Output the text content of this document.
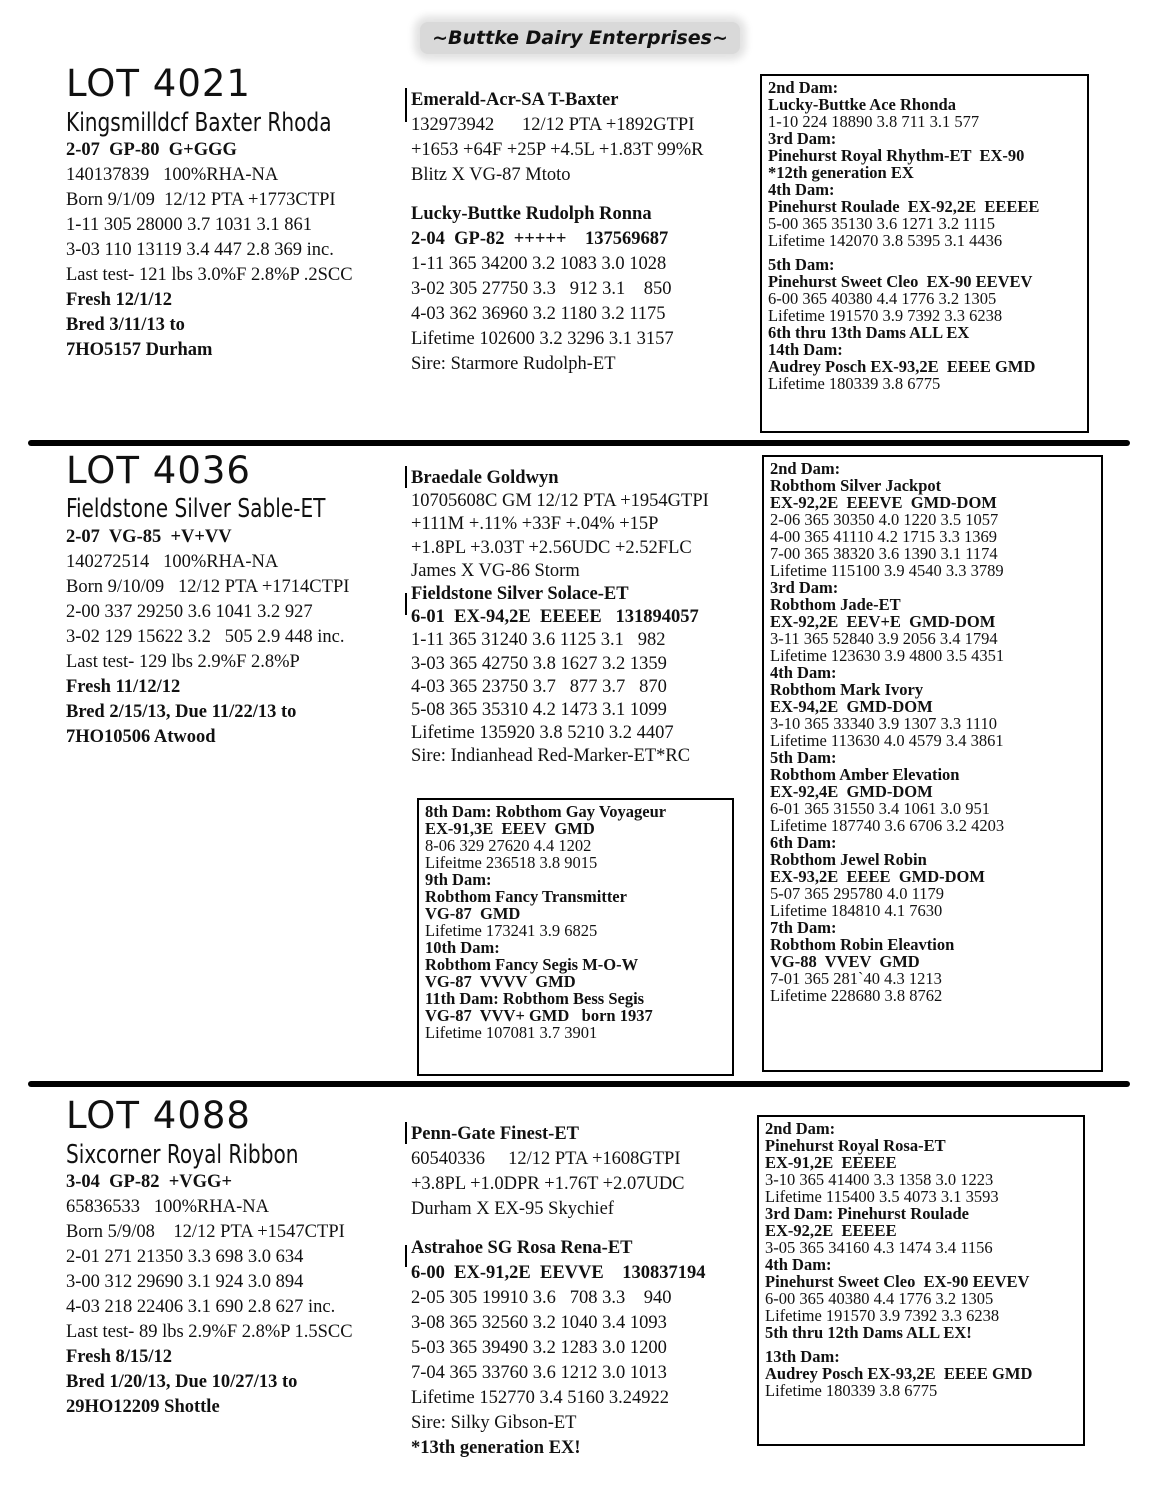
~Buttke Dairy Enterprises~
LOT 4021
Kingsmilldcf Baxter Rhoda
2-07  GP-80  G+GGG
140137839   100%RHA-NA
Born 9/1/09  12/12 PTA +1773CTPI
1-11 305 28000 3.7 1031 3.1 861
3-03 110 13119 3.4 447 2.8 369 inc.
Last test- 121 lbs 3.0%F 2.8%P .2SCC
Fresh 12/1/12
Bred 3/11/13 to
7HO5157 Durham
Emerald-Acr-SA T-Baxter
132973942      12/12 PTA +1892GTPI
+1653 +64F +25P +4.5L +1.83T 99%R
Blitz X VG-87 Mtoto
Lucky-Buttke Rudolph Ronna
2-04  GP-82  +++++    137569687
1-11 365 34200 3.2 1083 3.0 1028
3-02 305 27750 3.3   912 3.1    850
4-03 362 36960 3.2 1180 3.2 1175
Lifetime 102600 3.2 3296 3.1 3157
Sire: Starmore Rudolph-ET
2nd Dam:
Lucky-Buttke Ace Rhonda
1-10 224 18890 3.8 711 3.1 577
3rd Dam:
Pinehurst Royal Rhythm-ET  EX-90
*12th generation EX
4th Dam:
Pinehurst Roulade  EX-92,2E  EEEEE
5-00 365 35130 3.6 1271 3.2 1115
Lifetime 142070 3.8 5395 3.1 4436
5th Dam:
Pinehurst Sweet Cleo  EX-90 EEVEV
6-00 365 40380 4.4 1776 3.2 1305
Lifetime 191570 3.9 7392 3.3 6238
6th thru 13th Dams ALL EX
14th Dam:
Audrey Posch EX-93,2E  EEEE GMD
Lifetime 180339 3.8 6775
LOT 4036
Fieldstone Silver Sable-ET
2-07  VG-85  +V+VV
140272514   100%RHA-NA
Born 9/10/09   12/12 PTA +1714CTPI
2-00 337 29250 3.6 1041 3.2 927
3-02 129 15622 3.2   505 2.9 448 inc.
Last test- 129 lbs 2.9%F 2.8%P
Fresh 11/12/12
Bred 2/15/13, Due 11/22/13 to
7HO10506 Atwood
Braedale Goldwyn
10705608C GM 12/12 PTA +1954GTPI
+111M +.11% +33F +.04% +15P
+1.8PL +3.03T +2.56UDC +2.52FLC
James X VG-86 Storm
Fieldstone Silver Solace-ET
6-01  EX-94,2E  EEEEE   131894057
1-11 365 31240 3.6 1125 3.1   982
3-03 365 42750 3.8 1627 3.2 1359
4-03 365 23750 3.7   877 3.7   870
5-08 365 35310 4.2 1473 3.1 1099
Lifetime 135920 3.8 5210 3.2 4407
Sire: Indianhead Red-Marker-ET*RC
8th Dam: Robthom Gay Voyageur
EX-91,3E  EEEV  GMD
8-06 329 27620 4.4 1202
Lifeitme 236518 3.8 9015
9th Dam:
Robthom Fancy Transmitter
VG-87  GMD
Lifetime 173241 3.9 6825
10th Dam:
Robthom Fancy Segis M-O-W
VG-87  VVVV  GMD
11th Dam: Robthom Bess Segis
VG-87  VVV+ GMD   born 1937
Lifetime 107081 3.7 3901
2nd Dam:
Robthom Silver Jackpot
EX-92,2E  EEEVE  GMD-DOM
2-06 365 30350 4.0 1220 3.5 1057
4-00 365 41110 4.2 1715 3.3 1369
7-00 365 38320 3.6 1390 3.1 1174
Lifetime 115100 3.9 4540 3.3 3789
3rd Dam:
Robthom Jade-ET
EX-92,2E  EEV+E  GMD-DOM
3-11 365 52840 3.9 2056 3.4 1794
Lifetime 123630 3.9 4800 3.5 4351
4th Dam:
Robthom Mark Ivory
EX-94,2E  GMD-DOM
3-10 365 33340 3.9 1307 3.3 1110
Lifetime 113630 4.0 4579 3.4 3861
5th Dam:
Robthom Amber Elevation
EX-92,4E  GMD-DOM
6-01 365 31550 3.4 1061 3.0 951
Lifetime 187740 3.6 6706 3.2 4203
6th Dam:
Robthom Jewel Robin
EX-93,2E  EEEE  GMD-DOM
5-07 365 295780 4.0 1179
Lifetime 184810 4.1 7630
7th Dam:
Robthom Robin Eleavtion
VG-88  VVEV  GMD
7-01 365 281`40 4.3 1213
Lifetime 228680 3.8 8762
LOT 4088
Sixcorner Royal Ribbon
3-04  GP-82  +VGG+
65836533   100%RHA-NA
Born 5/9/08    12/12 PTA +1547CTPI
2-01 271 21350 3.3 698 3.0 634
3-00 312 29690 3.1 924 3.0 894
4-03 218 22406 3.1 690 2.8 627 inc.
Last test- 89 lbs 2.9%F 2.8%P 1.5SCC
Fresh 8/15/12
Bred 1/20/13, Due 10/27/13 to
29HO12209 Shottle
Penn-Gate Finest-ET
60540336     12/12 PTA +1608GTPI
+3.8PL +1.0DPR +1.76T +2.07UDC
Durham X EX-95 Skychief
Astrahoe SG Rosa Rena-ET
6-00  EX-91,2E  EEVVE    130837194
2-05 305 19910 3.6   708 3.3    940
3-08 365 32560 3.2 1040 3.4 1093
5-03 365 39490 3.2 1283 3.0 1200
7-04 365 33760 3.6 1212 3.0 1013
Lifetime 152770 3.4 5160 3.24922
Sire: Silky Gibson-ET
*13th generation EX!
2nd Dam:
Pinehurst Royal Rosa-ET
EX-91,2E  EEEEE
3-10 365 41400 3.3 1358 3.0 1223
Lifetime 115400 3.5 4073 3.1 3593
3rd Dam: Pinehurst Roulade
EX-92,2E  EEEEE
3-05 365 34160 4.3 1474 3.4 1156
4th Dam:
Pinehurst Sweet Cleo  EX-90 EEVEV
6-00 365 40380 4.4 1776 3.2 1305
Lifetime 191570 3.9 7392 3.3 6238
5th thru 12th Dams ALL EX!
13th Dam:
Audrey Posch EX-93,2E  EEEE GMD
Lifetime 180339 3.8 6775
